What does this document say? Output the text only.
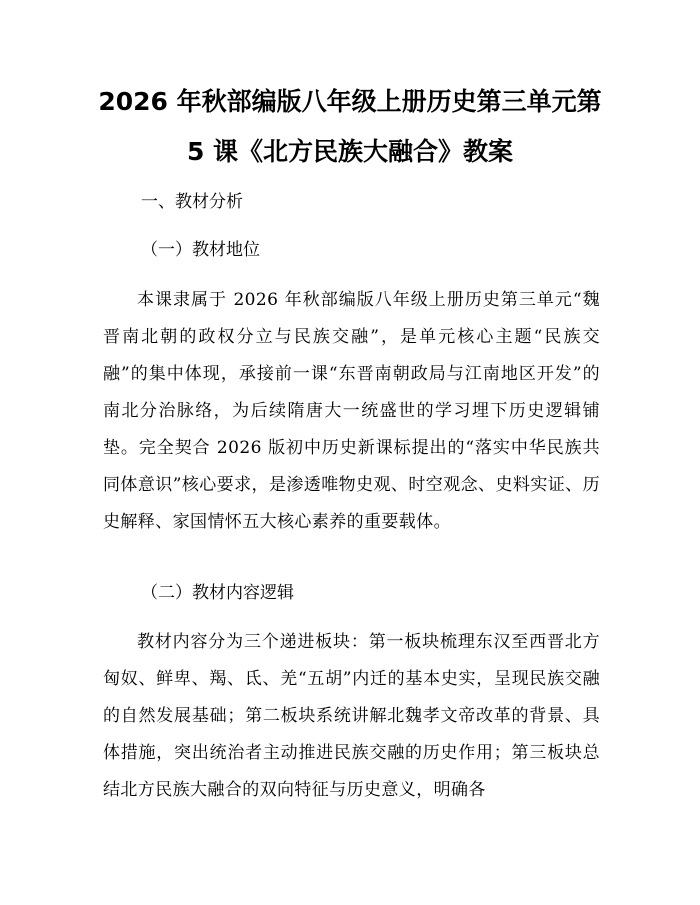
2026 年秋部编版八年级上册历史第三单元第
5 课《北方民族大融合》教案
一、教材分析
（一）教材地位

本课隶属于 2026 年秋部编版八年级上册历史第三单元“魏晋南北朝的政权分立与民族交融”，是单元核心主题“民族交融”的集中体现，承接前一课“东晋南朝政局与江南地区开发”的南北分治脉络，为后续隋唐大一统盛世的学习埋下历史逻辑铺垫。完全契合 2026 版初中历史新课标提出的“落实中华民族共同体意识”核心要求，是渗透唯物史观、时空观念、史料实证、历史解释、家国情怀五大核心素养的重要载体。

（二）教材内容逻辑

教材内容分为三个递进板块：第一板块梳理东汉至西晋北方匈奴、鲜卑、羯、氐、羌“五胡”内迁的基本史实，呈现民族交融的自然发展基础；第二板块系统讲解北魏孝文帝改革的背景、具体措施，突出统治者主动推进民族交融的历史作用；第三板块总结北方民族大融合的双向特征与历史意义，明确各
